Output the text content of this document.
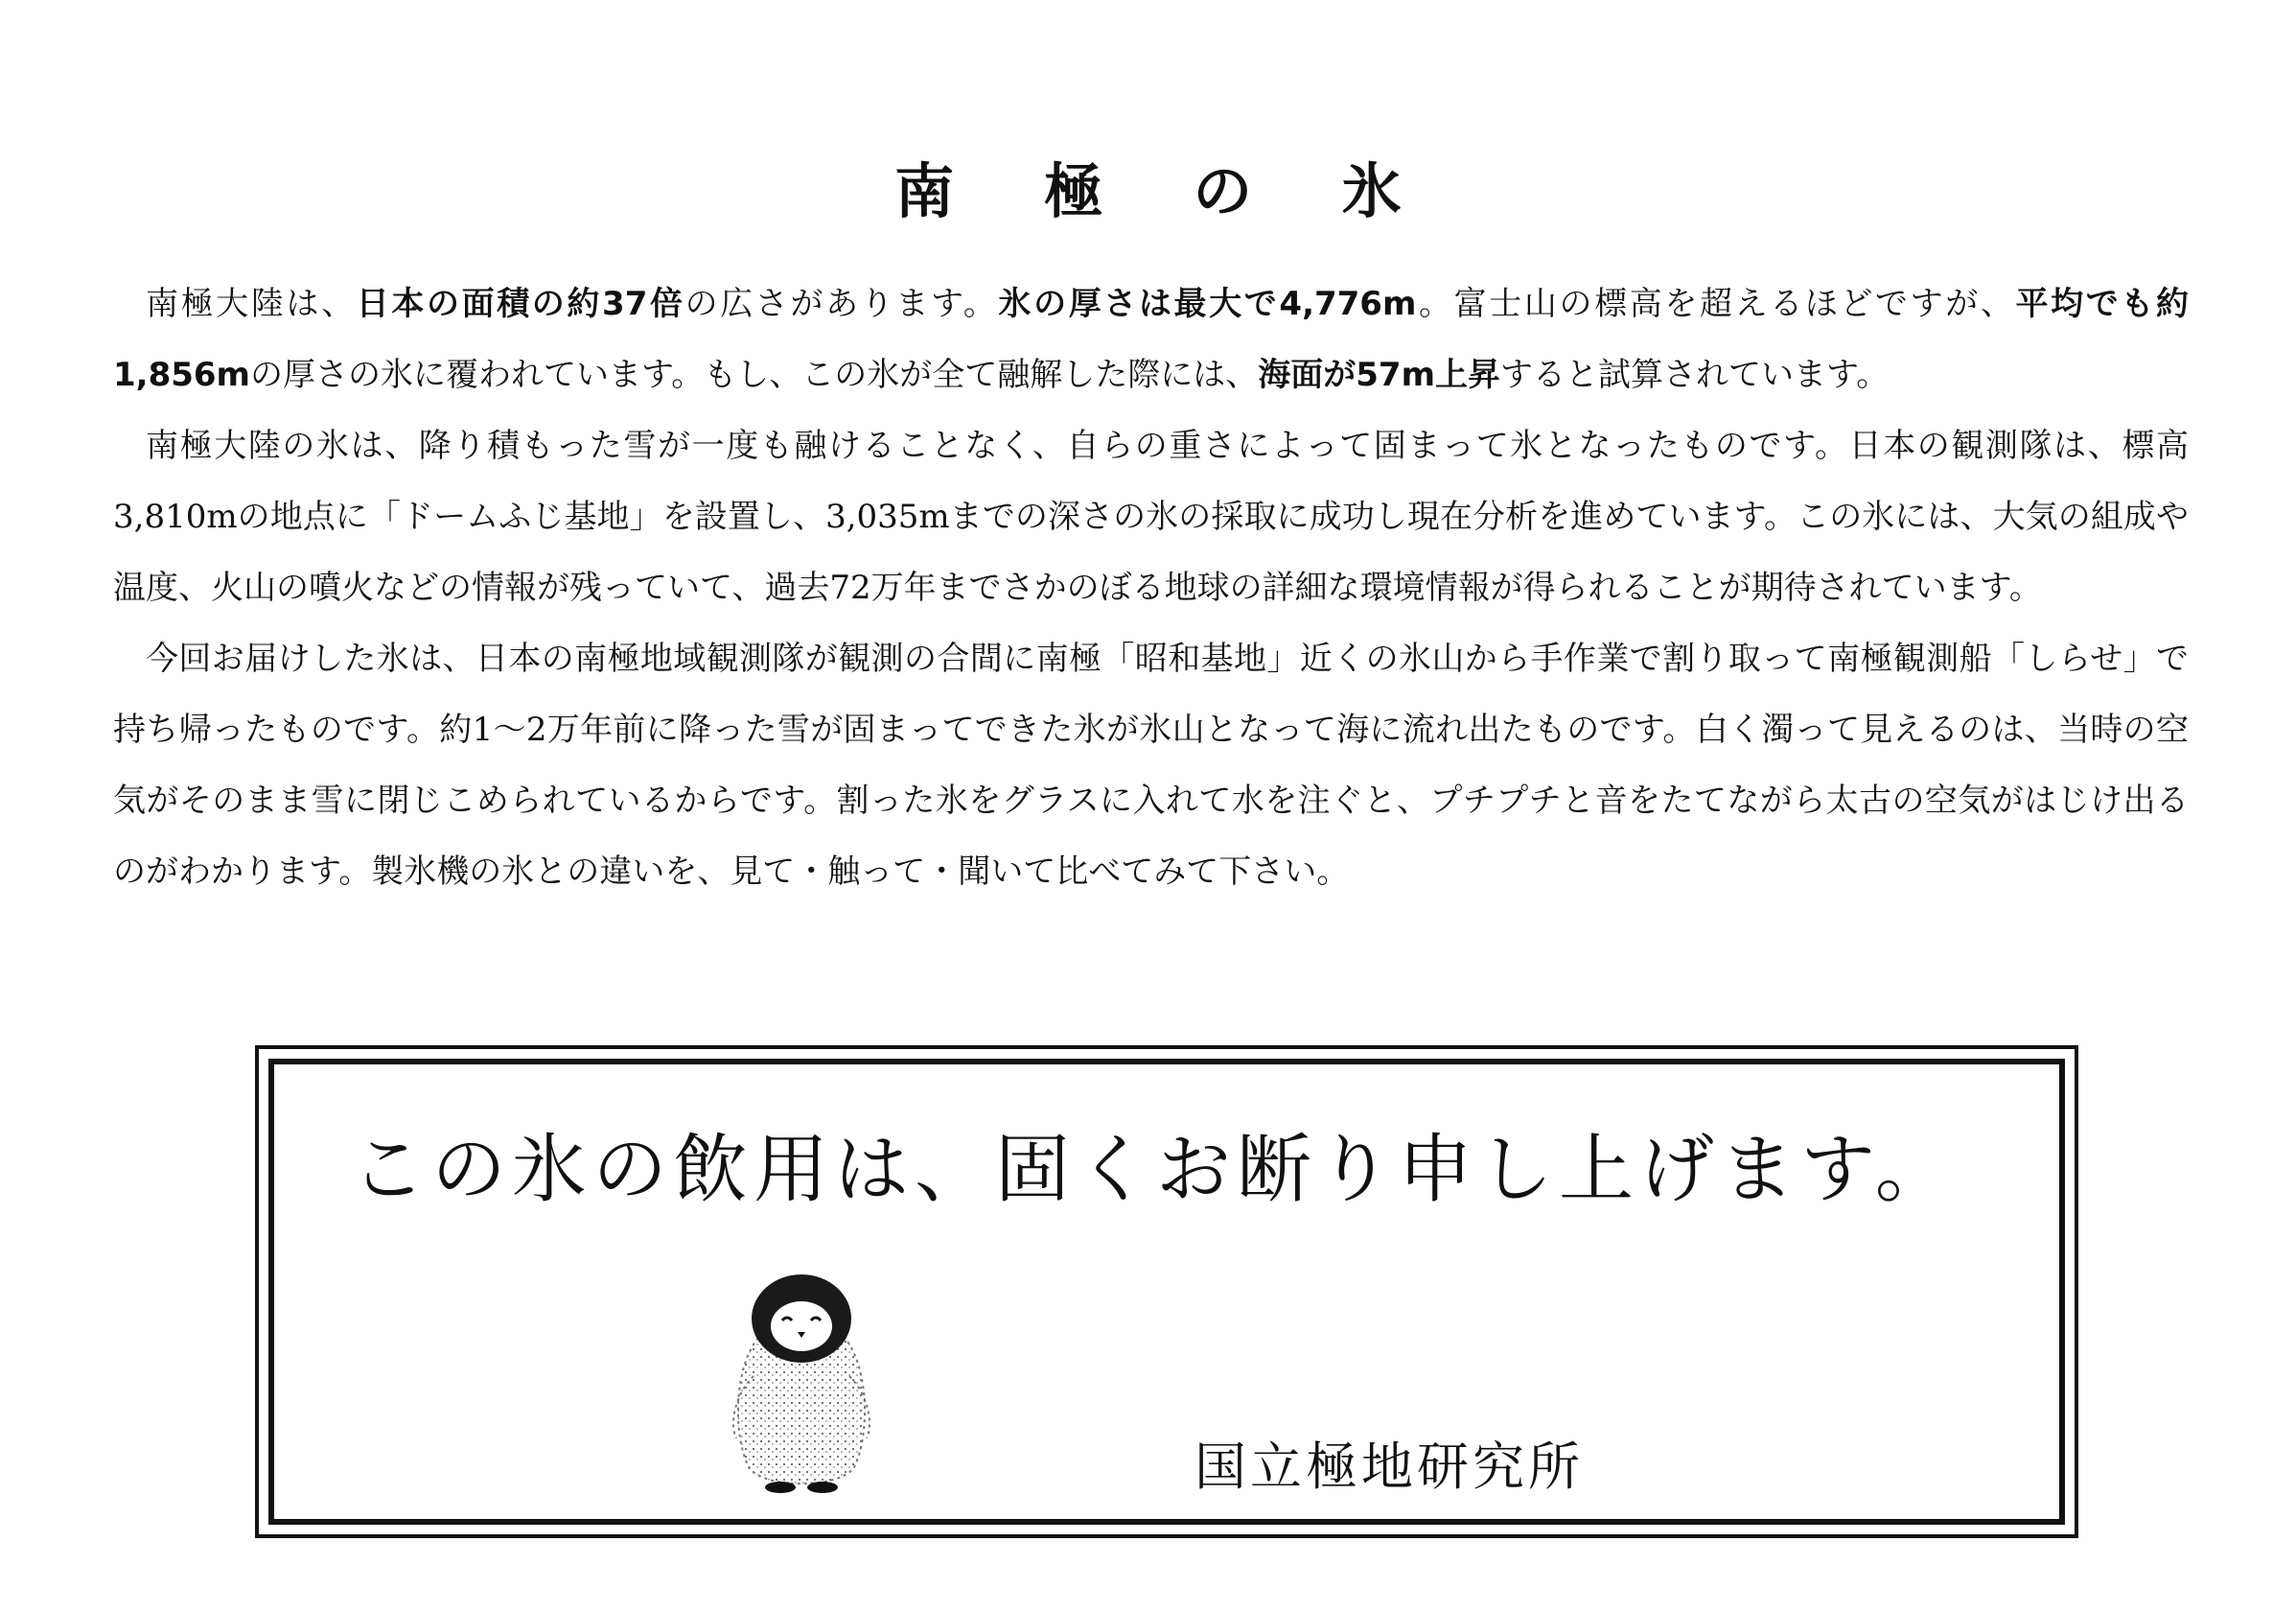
南 極 の 氷

南極大陸は、日本の面積の約37倍の広さがあります。氷の厚さは最大で4,776m。富士山の標高を超えるほどですが、平均でも約1,856mの厚さの氷に覆われています。もし、この氷が全て融解した際には、海面が57m上昇すると試算されています。

南極大陸の氷は、降り積もった雪が一度も融けることなく、自らの重さによって固まって氷となったものです。日本の観測隊は、標高3,810mの地点に「ドームふじ基地」を設置し、3,035mまでの深さの氷の採取に成功し現在分析を進めています。この氷には、大気の組成や温度、火山の噴火などの情報が残っていて、過去72万年までさかのぼる地球の詳細な環境情報が得られることが期待されています。

今回お届けした氷は、日本の南極地域観測隊が観測の合間に南極「昭和基地」近くの氷山から手作業で割り取って南極観測船「しらせ」で持ち帰ったものです。約1〜2万年前に降った雪が固まってできた氷が氷山となって海に流れ出たものです。白く濁って見えるのは、当時の空気がそのまま雪に閉じこめられているからです。割った氷をグラスに入れて水を注ぐと、プチプチと音をたてながら太古の空気がはじけ出るのがわかります。製氷機の氷との違いを、見て・触って・聞いて比べてみて下さい。

この氷の飲用は、固くお断り申し上げます。
国立極地研究所
